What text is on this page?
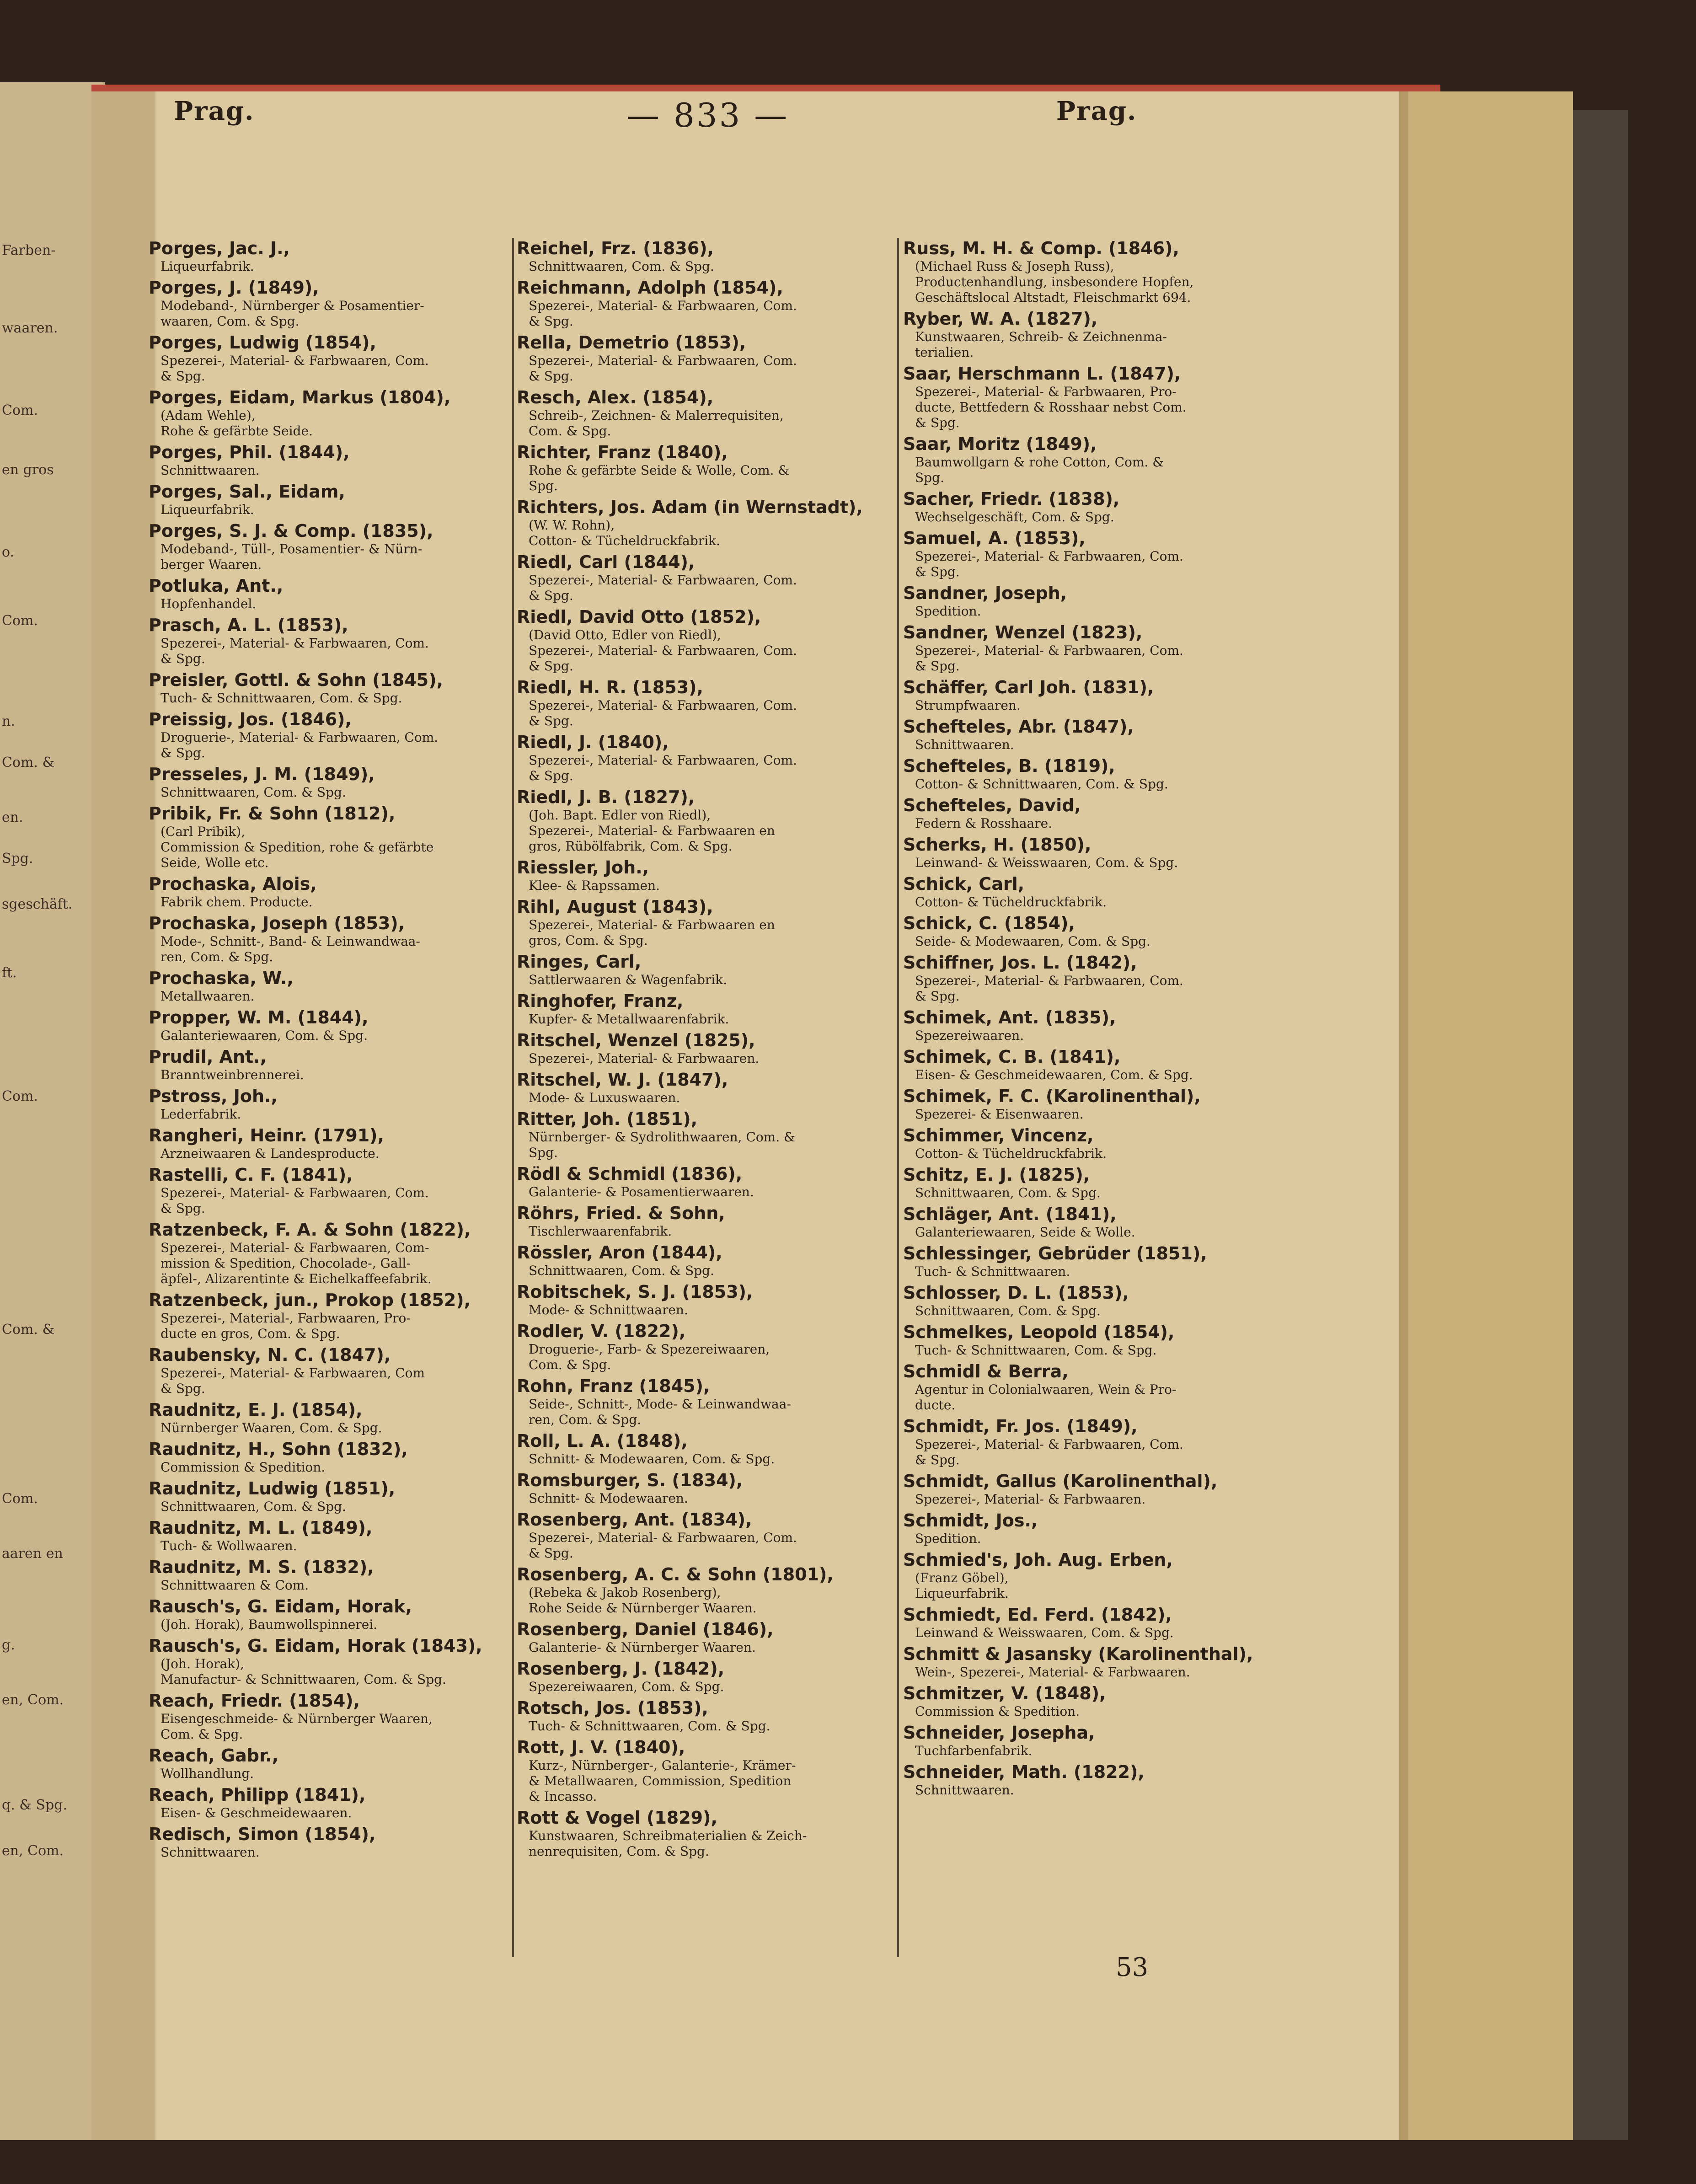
Prag.	— 833 —	Prag.
Farben-
waaren.
Com.
en gros
o.
Com.
n.
Com. &
en.
Spg.
sgeschäft.
ft.
Com.
Com. &
Com.
aaren en
g.
en, Com.
q. & Spg.
en, Com.
Porges, Jac. J.,
Liqueurfabrik.
Porges, J. (1849),
Modeband-, Nürnberger & Posamentier-
waaren, Com. & Spg.
Porges, Ludwig (1854),
Spezerei-, Material- & Farbwaaren, Com.
& Spg.
Porges, Eidam, Markus (1804),
(Adam Wehle),
Rohe & gefärbte Seide.
Porges, Phil. (1844),
Schnittwaaren.
Porges, Sal., Eidam,
Liqueurfabrik.
Porges, S. J. & Comp. (1835),
Modeband-, Tüll-, Posamentier- & Nürn-
berger Waaren.
Potluka, Ant.,
Hopfenhandel.
Prasch, A. L. (1853),
Spezerei-, Material- & Farbwaaren, Com.
& Spg.
Preisler, Gottl. & Sohn (1845),
Tuch- & Schnittwaaren, Com. & Spg.
Preissig, Jos. (1846),
Droguerie-, Material- & Farbwaaren, Com.
& Spg.
Presseles, J. M. (1849),
Schnittwaaren, Com. & Spg.
Pribik, Fr. & Sohn (1812),
(Carl Pribik),
Commission & Spedition, rohe & gefärbte
Seide, Wolle etc.
Prochaska, Alois,
Fabrik chem. Producte.
Prochaska, Joseph (1853),
Mode-, Schnitt-, Band- & Leinwandwaa-
ren, Com. & Spg.
Prochaska, W.,
Metallwaaren.
Propper, W. M. (1844),
Galanteriewaaren, Com. & Spg.
Prudil, Ant.,
Branntweinbrennerei.
Pstross, Joh.,
Lederfabrik.
Rangheri, Heinr. (1791),
Arzneiwaaren & Landesproducte.
Rastelli, C. F. (1841),
Spezerei-, Material- & Farbwaaren, Com.
& Spg.
Ratzenbeck, F. A. & Sohn (1822),
Spezerei-, Material- & Farbwaaren, Com-
mission & Spedition, Chocolade-, Gall-
äpfel-, Alizarentinte & Eichelkaffeefabrik.
Ratzenbeck, jun., Prokop (1852),
Spezerei-, Material-, Farbwaaren, Pro-
ducte en gros, Com. & Spg.
Raubensky, N. C. (1847),
Spezerei-, Material- & Farbwaaren, Com
& Spg.
Raudnitz, E. J. (1854),
Nürnberger Waaren, Com. & Spg.
Raudnitz, H., Sohn (1832),
Commission & Spedition.
Raudnitz, Ludwig (1851),
Schnittwaaren, Com. & Spg.
Raudnitz, M. L. (1849),
Tuch- & Wollwaaren.
Raudnitz, M. S. (1832),
Schnittwaaren & Com.
Rausch's, G. Eidam, Horak,
(Joh. Horak), Baumwollspinnerei.
Rausch's, G. Eidam, Horak (1843),
(Joh. Horak),
Manufactur- & Schnittwaaren, Com. & Spg.
Reach, Friedr. (1854),
Eisengeschmeide- & Nürnberger Waaren,
Com. & Spg.
Reach, Gabr.,
Wollhandlung.
Reach, Philipp (1841),
Eisen- & Geschmeidewaaren.
Redisch, Simon (1854),
Schnittwaaren.
Reichel, Frz. (1836),
Schnittwaaren, Com. & Spg.
Reichmann, Adolph (1854),
Spezerei-, Material- & Farbwaaren, Com.
& Spg.
Rella, Demetrio (1853),
Spezerei-, Material- & Farbwaaren, Com.
& Spg.
Resch, Alex. (1854),
Schreib-, Zeichnen- & Malerrequisiten,
Com. & Spg.
Richter, Franz (1840),
Rohe & gefärbte Seide & Wolle, Com. &
Spg.
Richters, Jos. Adam (in Wernstadt),
(W. W. Rohn),
Cotton- & Tücheldruckfabrik.
Riedl, Carl (1844),
Spezerei-, Material- & Farbwaaren, Com.
& Spg.
Riedl, David Otto (1852),
(David Otto, Edler von Riedl),
Spezerei-, Material- & Farbwaaren, Com.
& Spg.
Riedl, H. R. (1853),
Spezerei-, Material- & Farbwaaren, Com.
& Spg.
Riedl, J. (1840),
Spezerei-, Material- & Farbwaaren, Com.
& Spg.
Riedl, J. B. (1827),
(Joh. Bapt. Edler von Riedl),
Spezerei-, Material- & Farbwaaren en
gros, Rübölfabrik, Com. & Spg.
Riessler, Joh.,
Klee- & Rapssamen.
Rihl, August (1843),
Spezerei-, Material- & Farbwaaren en
gros, Com. & Spg.
Ringes, Carl,
Sattlerwaaren & Wagenfabrik.
Ringhofer, Franz,
Kupfer- & Metallwaarenfabrik.
Ritschel, Wenzel (1825),
Spezerei-, Material- & Farbwaaren.
Ritschel, W. J. (1847),
Mode- & Luxuswaaren.
Ritter, Joh. (1851),
Nürnberger- & Sydrolithwaaren, Com. &
Spg.
Rödl & Schmidl (1836),
Galanterie- & Posamentierwaaren.
Röhrs, Fried. & Sohn,
Tischlerwaarenfabrik.
Rössler, Aron (1844),
Schnittwaaren, Com. & Spg.
Robitschek, S. J. (1853),
Mode- & Schnittwaaren.
Rodler, V. (1822),
Droguerie-, Farb- & Spezereiwaaren,
Com. & Spg.
Rohn, Franz (1845),
Seide-, Schnitt-, Mode- & Leinwandwaa-
ren, Com. & Spg.
Roll, L. A. (1848),
Schnitt- & Modewaaren, Com. & Spg.
Romsburger, S. (1834),
Schnitt- & Modewaaren.
Rosenberg, Ant. (1834),
Spezerei-, Material- & Farbwaaren, Com.
& Spg.
Rosenberg, A. C. & Sohn (1801),
(Rebeka & Jakob Rosenberg),
Rohe Seide & Nürnberger Waaren.
Rosenberg, Daniel (1846),
Galanterie- & Nürnberger Waaren.
Rosenberg, J. (1842),
Spezereiwaaren, Com. & Spg.
Rotsch, Jos. (1853),
Tuch- & Schnittwaaren, Com. & Spg.
Rott, J. V. (1840),
Kurz-, Nürnberger-, Galanterie-, Krämer-
& Metallwaaren, Commission, Spedition
& Incasso.
Rott & Vogel (1829),
Kunstwaaren, Schreibmaterialien & Zeich-
nenrequisiten, Com. & Spg.
Russ, M. H. & Comp. (1846),
(Michael Russ & Joseph Russ),
Productenhandlung, insbesondere Hopfen,
Geschäftslocal Altstadt, Fleischmarkt 694.
Ryber, W. A. (1827),
Kunstwaaren, Schreib- & Zeichnenma-
terialien.
Saar, Herschmann L. (1847),
Spezerei-, Material- & Farbwaaren, Pro-
ducte, Bettfedern & Rosshaar nebst Com.
& Spg.
Saar, Moritz (1849),
Baumwollgarn & rohe Cotton, Com. &
Spg.
Sacher, Friedr. (1838),
Wechselgeschäft, Com. & Spg.
Samuel, A. (1853),
Spezerei-, Material- & Farbwaaren, Com.
& Spg.
Sandner, Joseph,
Spedition.
Sandner, Wenzel (1823),
Spezerei-, Material- & Farbwaaren, Com.
& Spg.
Schäffer, Carl Joh. (1831),
Strumpfwaaren.
Schefteles, Abr. (1847),
Schnittwaaren.
Schefteles, B. (1819),
Cotton- & Schnittwaaren, Com. & Spg.
Schefteles, David,
Federn & Rosshaare.
Scherks, H. (1850),
Leinwand- & Weisswaaren, Com. & Spg.
Schick, Carl,
Cotton- & Tücheldruckfabrik.
Schick, C. (1854),
Seide- & Modewaaren, Com. & Spg.
Schiffner, Jos. L. (1842),
Spezerei-, Material- & Farbwaaren, Com.
& Spg.
Schimek, Ant. (1835),
Spezereiwaaren.
Schimek, C. B. (1841),
Eisen- & Geschmeidewaaren, Com. & Spg.
Schimek, F. C. (Karolinenthal),
Spezerei- & Eisenwaaren.
Schimmer, Vincenz,
Cotton- & Tücheldruckfabrik.
Schitz, E. J. (1825),
Schnittwaaren, Com. & Spg.
Schläger, Ant. (1841),
Galanteriewaaren, Seide & Wolle.
Schlessinger, Gebrüder (1851),
Tuch- & Schnittwaaren.
Schlosser, D. L. (1853),
Schnittwaaren, Com. & Spg.
Schmelkes, Leopold (1854),
Tuch- & Schnittwaaren, Com. & Spg.
Schmidl & Berra,
Agentur in Colonialwaaren, Wein & Pro-
ducte.
Schmidt, Fr. Jos. (1849),
Spezerei-, Material- & Farbwaaren, Com.
& Spg.
Schmidt, Gallus (Karolinenthal),
Spezerei-, Material- & Farbwaaren.
Schmidt, Jos.,
Spedition.
Schmied's, Joh. Aug. Erben,
(Franz Göbel),
Liqueurfabrik.
Schmiedt, Ed. Ferd. (1842),
Leinwand & Weisswaaren, Com. & Spg.
Schmitt & Jasansky (Karolinenthal),
Wein-, Spezerei-, Material- & Farbwaaren.
Schmitzer, V. (1848),
Commission & Spedition.
Schneider, Josepha,
Tuchfarbenfabrik.
Schneider, Math. (1822),
Schnittwaaren.
53
